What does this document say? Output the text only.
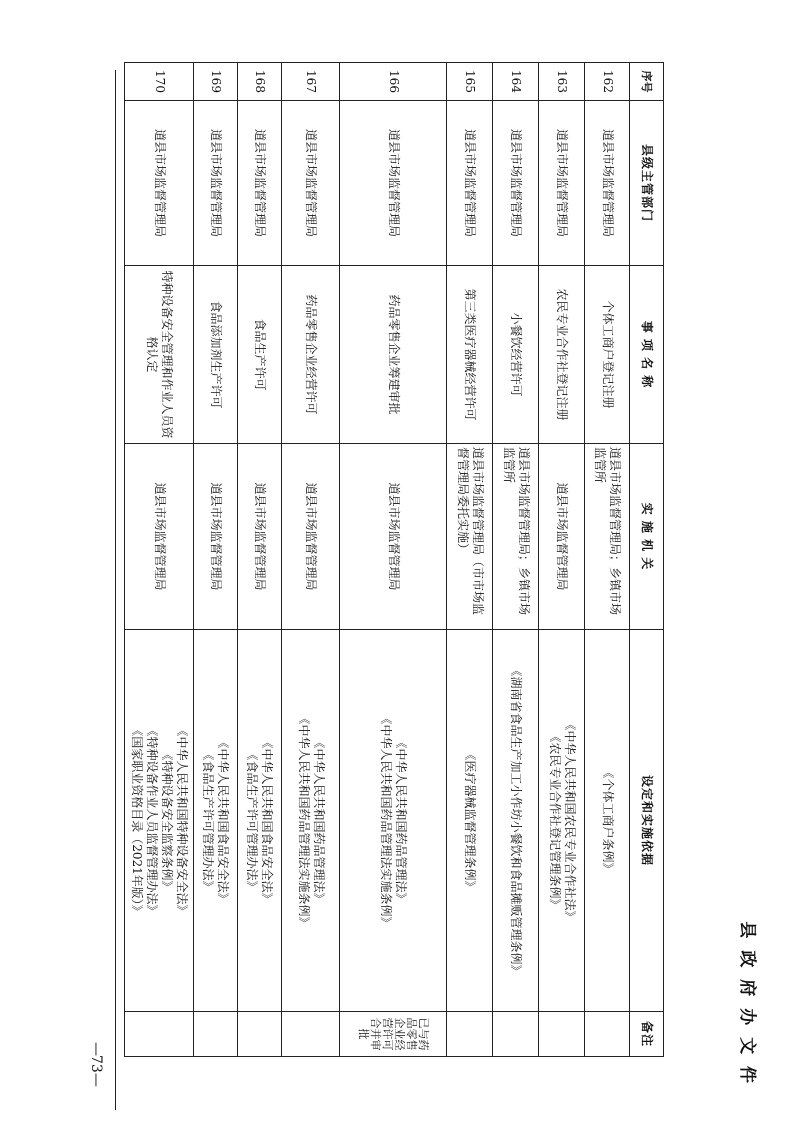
县 政 府 办 文 件
序号	县级主管部门	事 项 名 称	实 施 机 关	设定和实施依据	备注
162	道县市场监督管理局	个体工商户登记注册	道县市场监督管理局；乡镇市场监管所	《个体工商户条例》	

163	道县市场监督管理局	农民专业合作社登记注册	道县市场监督管理局	《中华人民共和国农民专业合作社法》
《农民专业合作社登记管理条例》	

164	道县市场监督管理局	小餐饮经营许可	道县市场监督管理局；乡镇市场监管所	《湖南省食品生产加工小作坊小餐饮和食品摊贩管理条例》	

165	道县市场监督管理局	第三类医疗器械经营许可	道县市场监督管理局（市市场监督管理局委托实施）	《医疗器械监督管理条例》	

166	道县市场监督管理局	药品零售企业筹建审批	道县市场监督管理局	《中华人民共和国药品管理法》
《中华人民共和国药品管理法实施条例》	已与药品零售企业经营许可合并审批
167	道县市场监督管理局	药品零售企业经营许可	道县市场监督管理局	《中华人民共和国药品管理法》
《中华人民共和国药品管理法实施条例》	

168	道县市场监督管理局	食品生产许可	道县市场监督管理局	《中华人民共和国食品安全法》
《食品生产许可管理办法》	

169	道县市场监督管理局	食品添加剂生产许可	道县市场监督管理局	《中华人民共和国食品安全法》
《食品生产许可管理办法》	

170	道县市场监督管理局	特种设备安全管理和作业人员资格认定	道县市场监督管理局	《中华人民共和国特种设备安全法》
《特种设备安全监察条例》
《特种设备作业人员监督管理办法》
《国家职业资格目录（2021年版）》	

—73—
